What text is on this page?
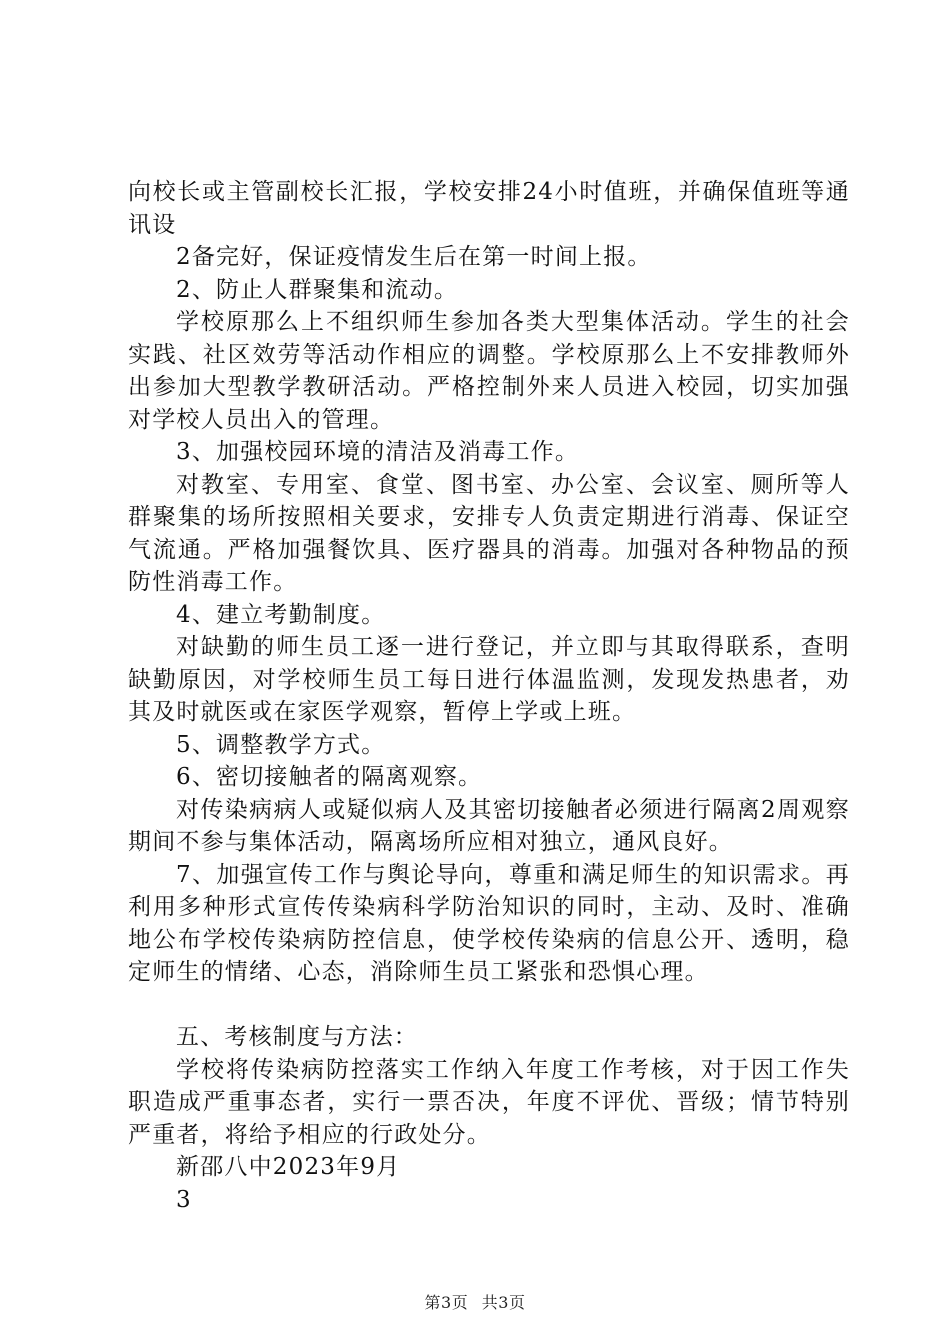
向校长或主管副校长汇报，学校安排24小时值班，并确保值班等通讯设

2备完好，保证疫情发生后在第一时间上报。

2、防止人群聚集和流动。

学校原那么上不组织师生参加各类大型集体活动。学生的社会实践、社区效劳等活动作相应的调整。学校原那么上不安排教师外出参加大型教学教研活动。严格控制外来人员进入校园，切实加强对学校人员出入的管理。

3、加强校园环境的清洁及消毒工作。

对教室、专用室、食堂、图书室、办公室、会议室、厕所等人群聚集的场所按照相关要求，安排专人负责定期进行消毒、保证空气流通。严格加强餐饮具、医疗器具的消毒。加强对各种物品的预防性消毒工作。

4、建立考勤制度。

对缺勤的师生员工逐一进行登记，并立即与其取得联系，查明缺勤原因，对学校师生员工每日进行体温监测，发现发热患者，劝其及时就医或在家医学观察，暂停上学或上班。

5、调整教学方式。

6、密切接触者的隔离观察。

对传染病病人或疑似病人及其密切接触者必须进行隔离2周观察期间不参与集体活动，隔离场所应相对独立，通风良好。

7、加强宣传工作与舆论导向，尊重和满足师生的知识需求。再利用多种形式宣传传染病科学防治知识的同时，主动、及时、准确地公布学校传染病防控信息，使学校传染病的信息公开、透明，稳定师生的情绪、心态，消除师生员工紧张和恐惧心理。

五、考核制度与方法：

学校将传染病防控落实工作纳入年度工作考核，对于因工作失职造成严重事态者，实行一票否决，年度不评优、晋级；情节特别严重者，将给予相应的行政处分。

新邵八中2023年9月

3

第3页 共3页
